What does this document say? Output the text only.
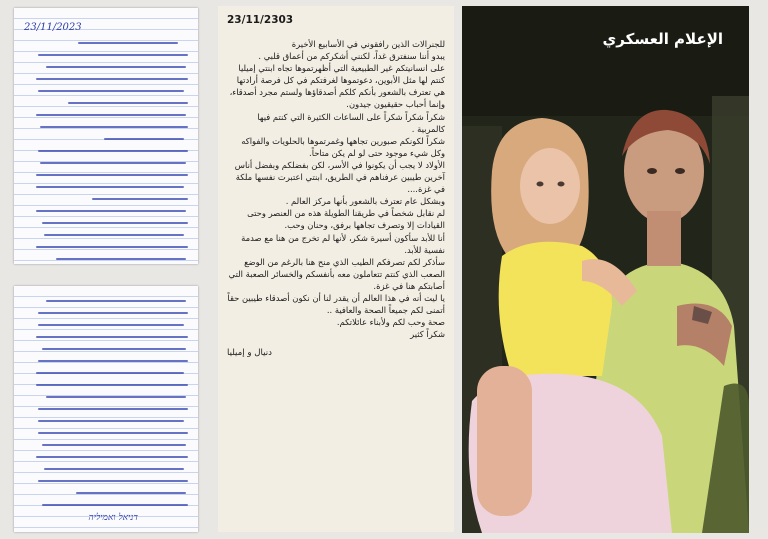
23/11/2023
דניאל ואמיליה
23/11/2303

للجنرالات الذين رافقوني في الأسابيع الأخيرة

يبدو أننا سنفترق غداً، لكنني أشكركم من أعماق قلبي .

على انسانيتكم غير الطبيعية التي أظهرتموها تجاه ابنتي إميليا

كنتم لها مثل الأبوين، دعوتموها لغرفتكم في كل فرصة أرادتها

هي تعترف بالشعور بأنكم كلكم أصدقاؤها ولستم مجرد أصدقاء، وإنما أحباب حقيقيون جيدون.

شكراً شكراً شكراً على الساعات الكثيرة التي كنتم فيها كالمربية .

شكراً لكونكم صبورين تجاهها وغمرتموها بالحلويات والفواكه وكل شيء موجود حتى لو لم يكن متاحاً.

الأولاد لا يجب أن يكونوا في الأسر، لكن بفضلكم وبفضل أناس آخرين طيبين عرفناهم في الطريق، ابنتي اعتبرت نفسها ملكة في غزة....

وبشكل عام تعترف بالشعور بأنها مركز العالم .

لم نقابل شخصاً في طريقنا الطويلة هذه من العنصر وحتى القيادات إلا وتصرف تجاهها برفق، وحنان وحب.

أنا للأبد سأكون أسيرة شكر، لأنها لم تخرج من هنا مع صدمة نفسية للأبد.

سأذكر لكم تصرفكم الطيب الذي منح هنا بالرغم من الوضع الصعب الذي كنتم تتعاملون معه بأنفسكم والخسائر الصعبة التي أصابتكم هنا في غزة.

يا ليت أنه في هذا العالم أن يقدر لنا أن نكون أصدقاء طيبين حقاً

أتمنى لكم جميعاً الصحة والعافية ..

صحة وحب لكم ولأبناء عائلاتكم.

شكراً كثير

دنيال و إميليا
الإعلام العسكري
